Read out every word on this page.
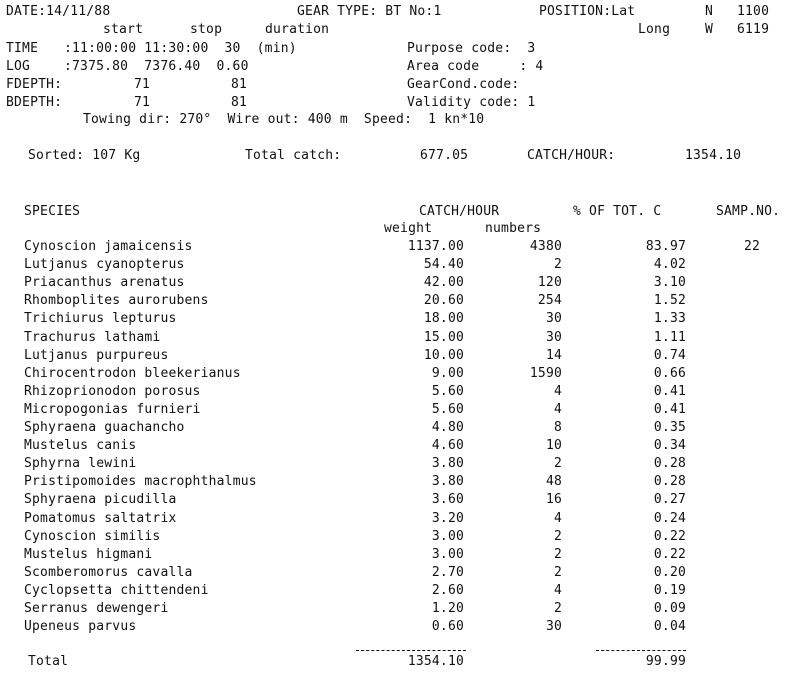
DATE:14/11/88	GEAR TYPE: BT No:1	POSITION:Lat	N 1100
start	stop	duration	Long	W 6119
TIME :11:00:00 11:30:00  30  (min)	Purpose code:  3
LOG	:7375.80  7376.40  0.60	Area code     : 4
FDEPTH:	71	81	GearCond.code:
BDEPTH:	71	81	Validity code: 1
Towing dir: 270°  Wire out: 400 m  Speed:  1 kn*10
Sorted: 107 Kg	Total catch:	677.05	CATCH/HOUR:	1354.10
SPECIES	CATCH/HOUR	% OF TOT. C	SAMP.NO.
weight	numbers
Cynoscion jamaicensis	1137.00	4380	83.97	22
Lutjanus cyanopterus	54.40	2	4.02
Priacanthus arenatus	42.00	120	3.10
Rhomboplites aurorubens	20.60	254	1.52
Trichiurus lepturus	18.00	30	1.33
Trachurus lathami	15.00	30	1.11
Lutjanus purpureus	10.00	14	0.74
Chirocentrodon bleekerianus	9.00	1590	0.66
Rhizoprionodon porosus	5.60	4	0.41
Micropogonias furnieri	5.60	4	0.41
Sphyraena guachancho	4.80	8	0.35
Mustelus canis	4.60	10	0.34
Sphyrna lewini	3.80	2	0.28
Pristipomoides macrophthalmus	3.80	48	0.28
Sphyraena picudilla	3.60	16	0.27
Pomatomus saltatrix	3.20	4	0.24
Cynoscion similis	3.00	2	0.22
Mustelus higmani	3.00	2	0.22
Scomberomorus cavalla	2.70	2	0.20
Cyclopsetta chittendeni	2.60	4	0.19
Serranus dewengeri	1.20	2	0.09
Upeneus parvus	0.60	30	0.04
Total	1354.10	99.99
